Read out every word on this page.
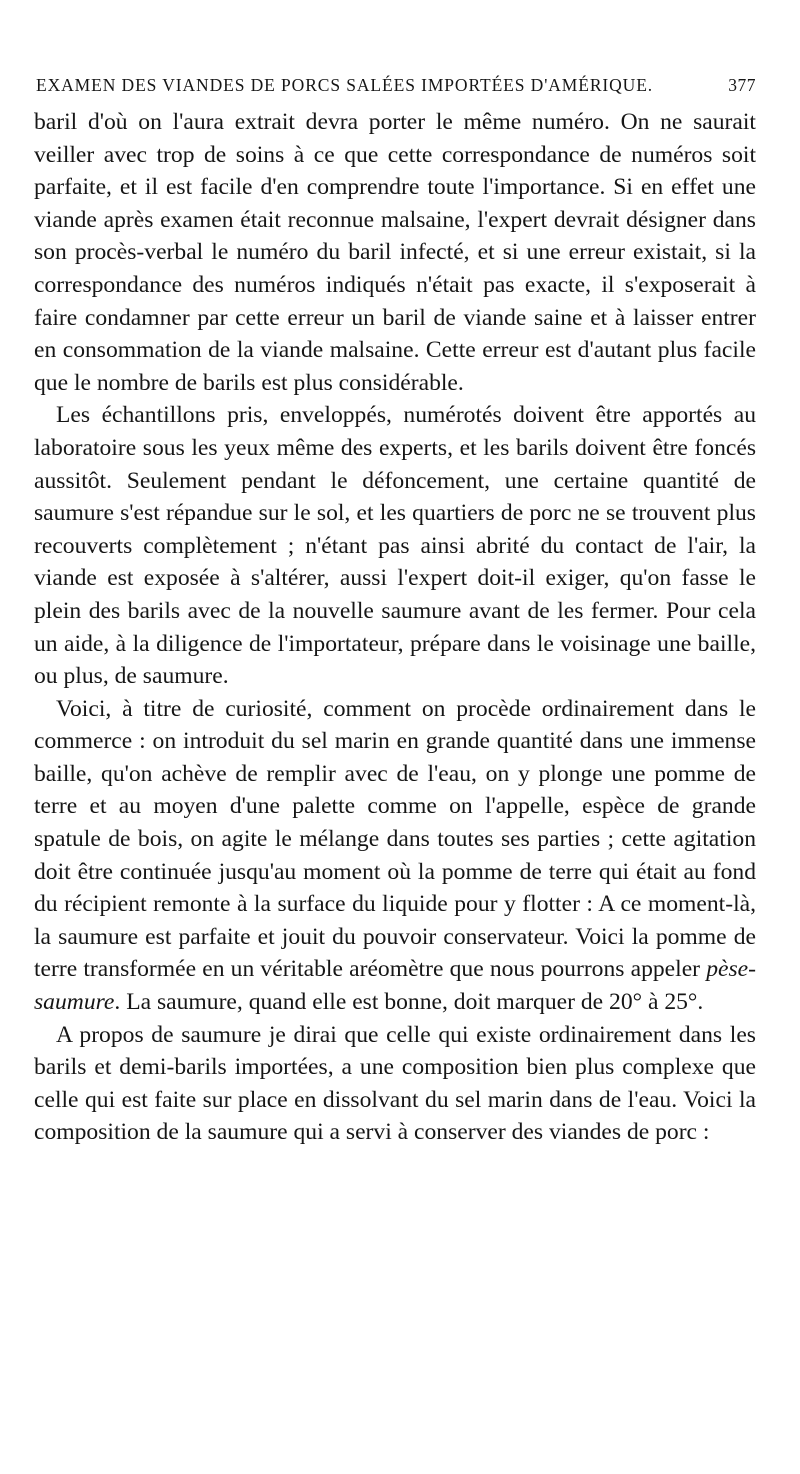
EXAMEN DES VIANDES DE PORCS SALÉES IMPORTÉES D'AMÉRIQUE.	377

baril d'où on l'aura extrait devra porter le même numéro. On ne saurait veiller avec trop de soins à ce que cette correspondance de numéros soit parfaite, et il est facile d'en comprendre toute l'importance. Si en effet une viande après examen était reconnue malsaine, l'expert devrait désigner dans son procès-verbal le numéro du baril infecté, et si une erreur existait, si la correspondance des numéros indiqués n'était pas exacte, il s'exposerait à faire condamner par cette erreur un baril de viande saine et à laisser entrer en consommation de la viande malsaine. Cette erreur est d'autant plus facile que le nombre de barils est plus considérable.

Les échantillons pris, enveloppés, numérotés doivent être apportés au laboratoire sous les yeux même des experts, et les barils doivent être foncés aussitôt. Seulement pendant le défoncement, une certaine quantité de saumure s'est répandue sur le sol, et les quartiers de porc ne se trouvent plus recouverts complètement ; n'étant pas ainsi abrité du contact de l'air, la viande est exposée à s'altérer, aussi l'expert doit-il exiger, qu'on fasse le plein des barils avec de la nouvelle saumure avant de les fermer. Pour cela un aide, à la diligence de l'importateur, prépare dans le voisinage une baille, ou plus, de saumure.

Voici, à titre de curiosité, comment on procède ordinairement dans le commerce : on introduit du sel marin en grande quantité dans une immense baille, qu'on achève de remplir avec de l'eau, on y plonge une pomme de terre et au moyen d'une palette comme on l'appelle, espèce de grande spatule de bois, on agite le mélange dans toutes ses parties ; cette agitation doit être continuée jusqu'au moment où la pomme de terre qui était au fond du récipient remonte à la surface du liquide pour y flotter : A ce moment-là, la saumure est parfaite et jouit du pouvoir conservateur. Voici la pomme de terre transformée en un véritable aréomètre que nous pourrons appeler pèse-saumure. La saumure, quand elle est bonne, doit marquer de 20° à 25°.

A propos de saumure je dirai que celle qui existe ordinairement dans les barils et demi-barils importées, a une composition bien plus complexe que celle qui est faite sur place en dissolvant du sel marin dans de l'eau. Voici la composition de la saumure qui a servi à conserver des viandes de porc :
